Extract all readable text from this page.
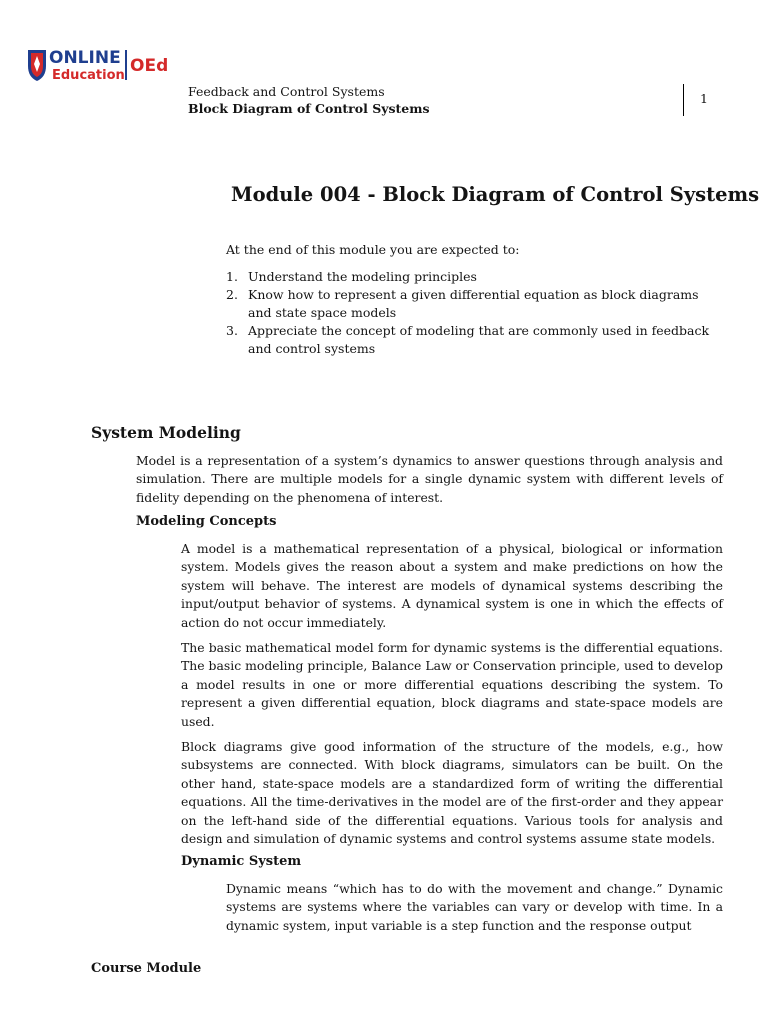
ONLINE
Education OEd
Feedback and Control Systems
Block Diagram of Control Systems
1
Module 004 - Block Diagram of Control Systems
At the end of this module you are expected to:
1. Understand the modeling principles
2. Know how to represent a given differential equation as block diagrams and state space models
3. Appreciate the concept of modeling that are commonly used in feedback and control systems
System Modeling

Model is a representation of a system’s dynamics to answer questions through analysis and simulation. There are multiple models for a single dynamic system with different levels of fidelity depending on the phenomena of interest.

Modeling Concepts

A model is a mathematical representation of a physical, biological or information system. Models gives the reason about a system and make predictions on how the system will behave. The interest are models of dynamical systems describing the input/output behavior of systems. A dynamical system is one in which the effects of action do not occur immediately.

The basic mathematical model form for dynamic systems is the differential equations. The basic modeling principle, Balance Law or Conservation principle, used to develop a model results in one or more differential equations describing the system. To represent a given differential equation, block diagrams and state-space models are used.

Block diagrams give good information of the structure of the models, e.g., how subsystems are connected. With block diagrams, simulators can be built. On the other hand, state-space models are a standardized form of writing the differential equations. All the time-derivatives in the model are of the first-order and they appear on the left-hand side of the differential equations. Various tools for analysis and design and simulation of dynamic systems and control systems assume state models.

Dynamic System

Dynamic means “which has to do with the movement and change.” Dynamic systems are systems where the variables can vary or develop with time. In a dynamic system, input variable is a step function and the response output

Course Module
